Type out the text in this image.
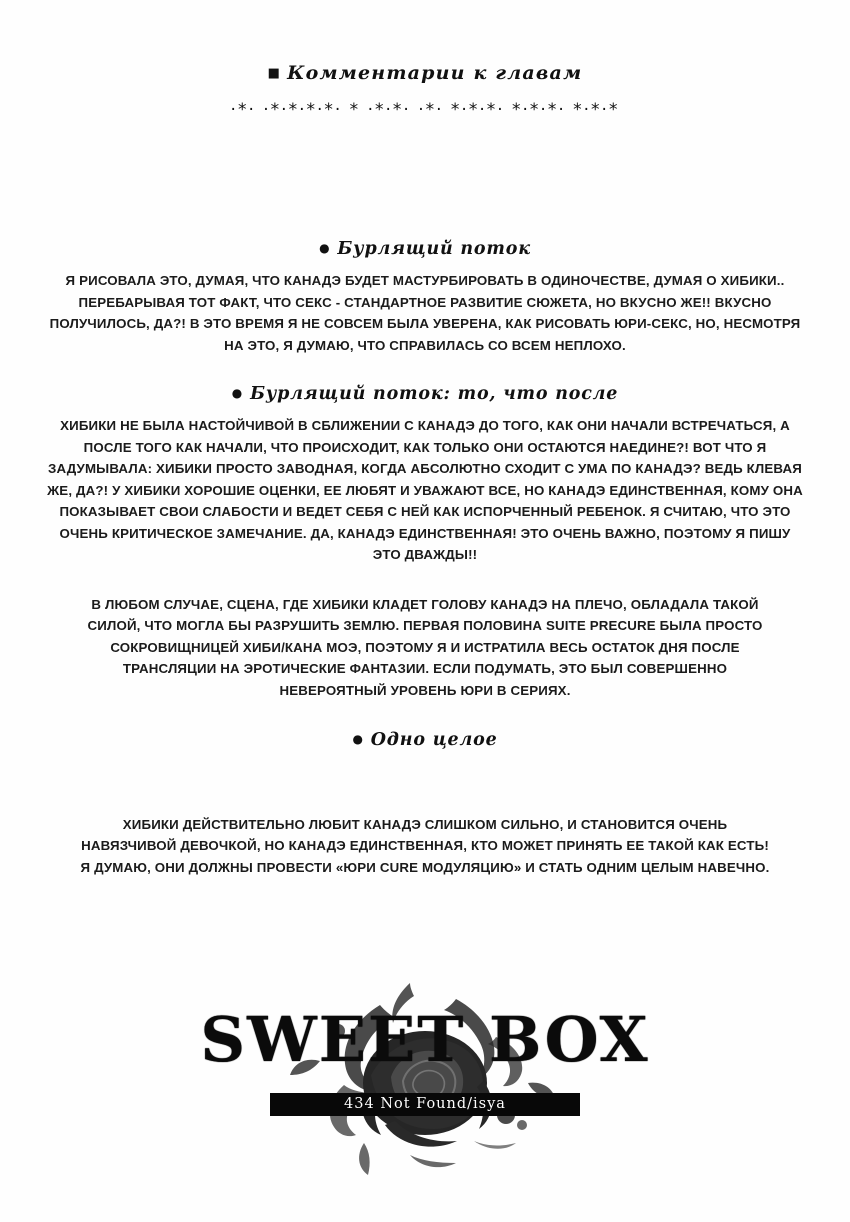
■ Комментарии к главам
·*· ·*·*·*·*· * ·*·*· ·*· *·*·*· *·*·*· *·*·*
● Бурлящий поток
Я РИСОВАЛА ЭТО, ДУМАЯ, ЧТО КАНАДЭ БУДЕТ МАСТУРБИРОВАТЬ В ОДИНОЧЕСТВЕ, ДУМАЯ О ХИБИКИ.. ПЕРЕБАРЫВАЯ ТОТ ФАКТ, ЧТО СЕКС - СТАНДАРТНОЕ РАЗВИТИЕ СЮЖЕТА, НО ВКУСНО ЖЕ!! ВКУСНО ПОЛУЧИЛОСЬ, ДА?! В ЭТО ВРЕМЯ Я НЕ СОВСЕМ БЫЛА УВЕРЕНА, КАК РИСОВАТЬ ЮРИ-СЕКС, НО, НЕСМОТРЯ НА ЭТО, Я ДУМАЮ, ЧТО СПРАВИЛАСЬ СО ВСЕМ НЕПЛОХО.
● Бурлящий поток: то, что после
ХИБИКИ НЕ БЫЛА НАСТОЙЧИВОЙ В СБЛИЖЕНИИ С КАНАДЭ ДО ТОГО, КАК ОНИ НАЧАЛИ ВСТРЕЧАТЬСЯ, А ПОСЛЕ ТОГО КАК НАЧАЛИ, ЧТО ПРОИСХОДИТ, КАК ТОЛЬКО ОНИ ОСТАЮТСЯ НАЕДИНЕ?! ВОТ ЧТО Я ЗАДУМЫВАЛА: ХИБИКИ ПРОСТО ЗАВОДНАЯ, КОГДА АБСОЛЮТНО СХОДИТ С УМА ПО КАНАДЭ? ВЕДЬ КЛЕВАЯ ЖЕ, ДА?! У ХИБИКИ ХОРОШИЕ ОЦЕНКИ, ЕЕ ЛЮБЯТ И УВАЖАЮТ ВСЕ, НО КАНАДЭ ЕДИНСТВЕННАЯ, КОМУ ОНА ПОКАЗЫВАЕТ СВОИ СЛАБОСТИ И ВЕДЕТ СЕБЯ С НЕЙ КАК ИСПОРЧЕННЫЙ РЕБЕНОК. Я СЧИТАЮ, ЧТО ЭТО ОЧЕНЬ КРИТИЧЕСКОЕ ЗАМЕЧАНИЕ. ДА, КАНАДЭ ЕДИНСТВЕННАЯ! ЭТО ОЧЕНЬ ВАЖНО, ПОЭТОМУ Я ПИШУ ЭТО ДВАЖДЫ!!
В ЛЮБОМ СЛУЧАЕ, СЦЕНА, ГДЕ ХИБИКИ КЛАДЕТ ГОЛОВУ КАНАДЭ НА ПЛЕЧО, ОБЛАДАЛА ТАКОЙ СИЛОЙ, ЧТО МОГЛА БЫ РАЗРУШИТЬ ЗЕМЛЮ. ПЕРВАЯ ПОЛОВИНА SUITE PRECURE БЫЛА ПРОСТО СОКРОВИЩНИЦЕЙ ХИБИ/КАНА МОЭ, ПОЭТОМУ Я И ИСТРАТИЛА ВЕСЬ ОСТАТОК ДНЯ ПОСЛЕ ТРАНСЛЯЦИИ НА ЭРОТИЧЕСКИЕ ФАНТАЗИИ. ЕСЛИ ПОДУМАТЬ, ЭТО БЫЛ СОВЕРШЕННО НЕВЕРОЯТНЫЙ УРОВЕНЬ ЮРИ В СЕРИЯХ.
● Одно целое
ХИБИКИ ДЕЙСТВИТЕЛЬНО ЛЮБИТ КАНАДЭ СЛИШКОМ СИЛЬНО, И СТАНОВИТСЯ ОЧЕНЬ НАВЯЗЧИВОЙ ДЕВОЧКОЙ, НО КАНАДЭ ЕДИНСТВЕННАЯ, КТО МОЖЕТ ПРИНЯТЬ ЕЕ ТАКОЙ КАК ЕСТЬ! Я ДУМАЮ, ОНИ ДОЛЖНЫ ПРОВЕСТИ «ЮРИ CURE МОДУЛЯЦИЮ» И СТАТЬ ОДНИМ ЦЕЛЫМ НАВЕЧНО.
SWEET BOX
434 Not Found/isya
